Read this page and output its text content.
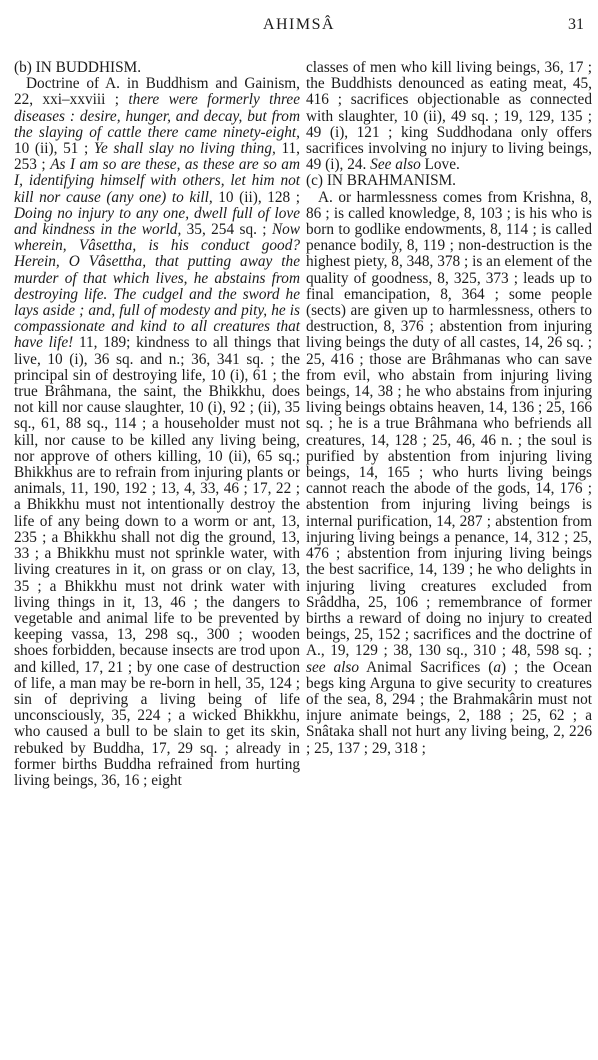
AHIMSÂ	31

(b) IN BUDDHISM.

Doctrine of A. in Buddhism and Gainism, 22, xxi–xxviii ; there were formerly three diseases : desire, hunger, and decay, but from the slaying of cattle there came ninety-eight, 10 (ii), 51 ; Ye shall slay no living thing, 11, 253 ; As I am so are these, as these are so am I, identifying himself with others, let him not kill nor cause (any one) to kill, 10 (ii), 128 ; Doing no injury to any one, dwell full of love and kindness in the world, 35, 254 sq. ; Now wherein, Vâsettha, is his conduct good? Herein, O Vâsettha, that putting away the murder of that which lives, he abstains from destroying life. The cudgel and the sword he lays aside ; and, full of modesty and pity, he is compassionate and kind to all creatures that have life! 11, 189; kindness to all things that live, 10 (i), 36 sq. and n.; 36, 341 sq. ; the principal sin of destroying life, 10 (i), 61 ; the true Brâhmana, the saint, the Bhikkhu, does not kill nor cause slaughter, 10 (i), 92 ; (ii), 35 sq., 61, 88 sq., 114 ; a householder must not kill, nor cause to be killed any living being, nor approve of others killing, 10 (ii), 65 sq.; Bhikkhus are to refrain from injuring plants or animals, 11, 190, 192 ; 13, 4, 33, 46 ; 17, 22 ; a Bhikkhu must not intentionally destroy the life of any being down to a worm or ant, 13, 235 ; a Bhikkhu shall not dig the ground, 13, 33 ; a Bhikkhu must not sprinkle water, with living creatures in it, on grass or on clay, 13, 35 ; a Bhikkhu must not drink water with living things in it, 13, 46 ; the dangers to vegetable and animal life to be prevented by keeping vassa, 13, 298 sq., 300 ; wooden shoes forbidden, because insects are trod upon and killed, 17, 21 ; by one case of destruction of life, a man may be re-born in hell, 35, 124 ; sin of depriving a living being of life unconsciously, 35, 224 ; a wicked Bhikkhu, who caused a bull to be slain to get its skin, rebuked by Buddha, 17, 29 sq. ; already in former births Buddha refrained from hurting living beings, 36, 16 ; eight

classes of men who kill living beings, 36, 17 ; the Buddhists denounced as eating meat, 45, 416 ; sacrifices objectionable as connected with slaughter, 10 (ii), 49 sq. ; 19, 129, 135 ; 49 (i), 121 ; king Suddhodana only offers sacrifices involving no injury to living beings, 49 (i), 24. See also Love.

(c) IN BRAHMANISM.

A. or harmlessness comes from Krishna, 8, 86 ; is called knowledge, 8, 103 ; is his who is born to godlike endowments, 8, 114 ; is called penance bodily, 8, 119 ; non-destruction is the highest piety, 8, 348, 378 ; is an element of the quality of goodness, 8, 325, 373 ; leads up to final emancipation, 8, 364 ; some people (sects) are given up to harmlessness, others to destruction, 8, 376 ; abstention from injuring living beings the duty of all castes, 14, 26 sq. ; 25, 416 ; those are Brâhmanas who can save from evil, who abstain from injuring living beings, 14, 38 ; he who abstains from injuring living beings obtains heaven, 14, 136 ; 25, 166 sq. ; he is a true Brâhmana who befriends all creatures, 14, 128 ; 25, 46, 46 n. ; the soul is purified by abstention from injuring living beings, 14, 165 ; who hurts living beings cannot reach the abode of the gods, 14, 176 ; abstention from injuring living beings is internal purification, 14, 287 ; abstention from injuring living beings a penance, 14, 312 ; 25, 476 ; abstention from injuring living beings the best sacrifice, 14, 139 ; he who delights in injuring living creatures excluded from Srâddha, 25, 106 ; remembrance of former births a reward of doing no injury to created beings, 25, 152 ; sacrifices and the doctrine of A., 19, 129 ; 38, 130 sq., 310 ; 48, 598 sq. ; see also Animal Sacrifices (a) ; the Ocean begs king Arguna to give security to creatures of the sea, 8, 294 ; the Brahmakârin must not injure animate beings, 2, 188 ; 25, 62 ; a Snâtaka shall not hurt any living being, 2, 226 ; 25, 137 ; 29, 318 ;
